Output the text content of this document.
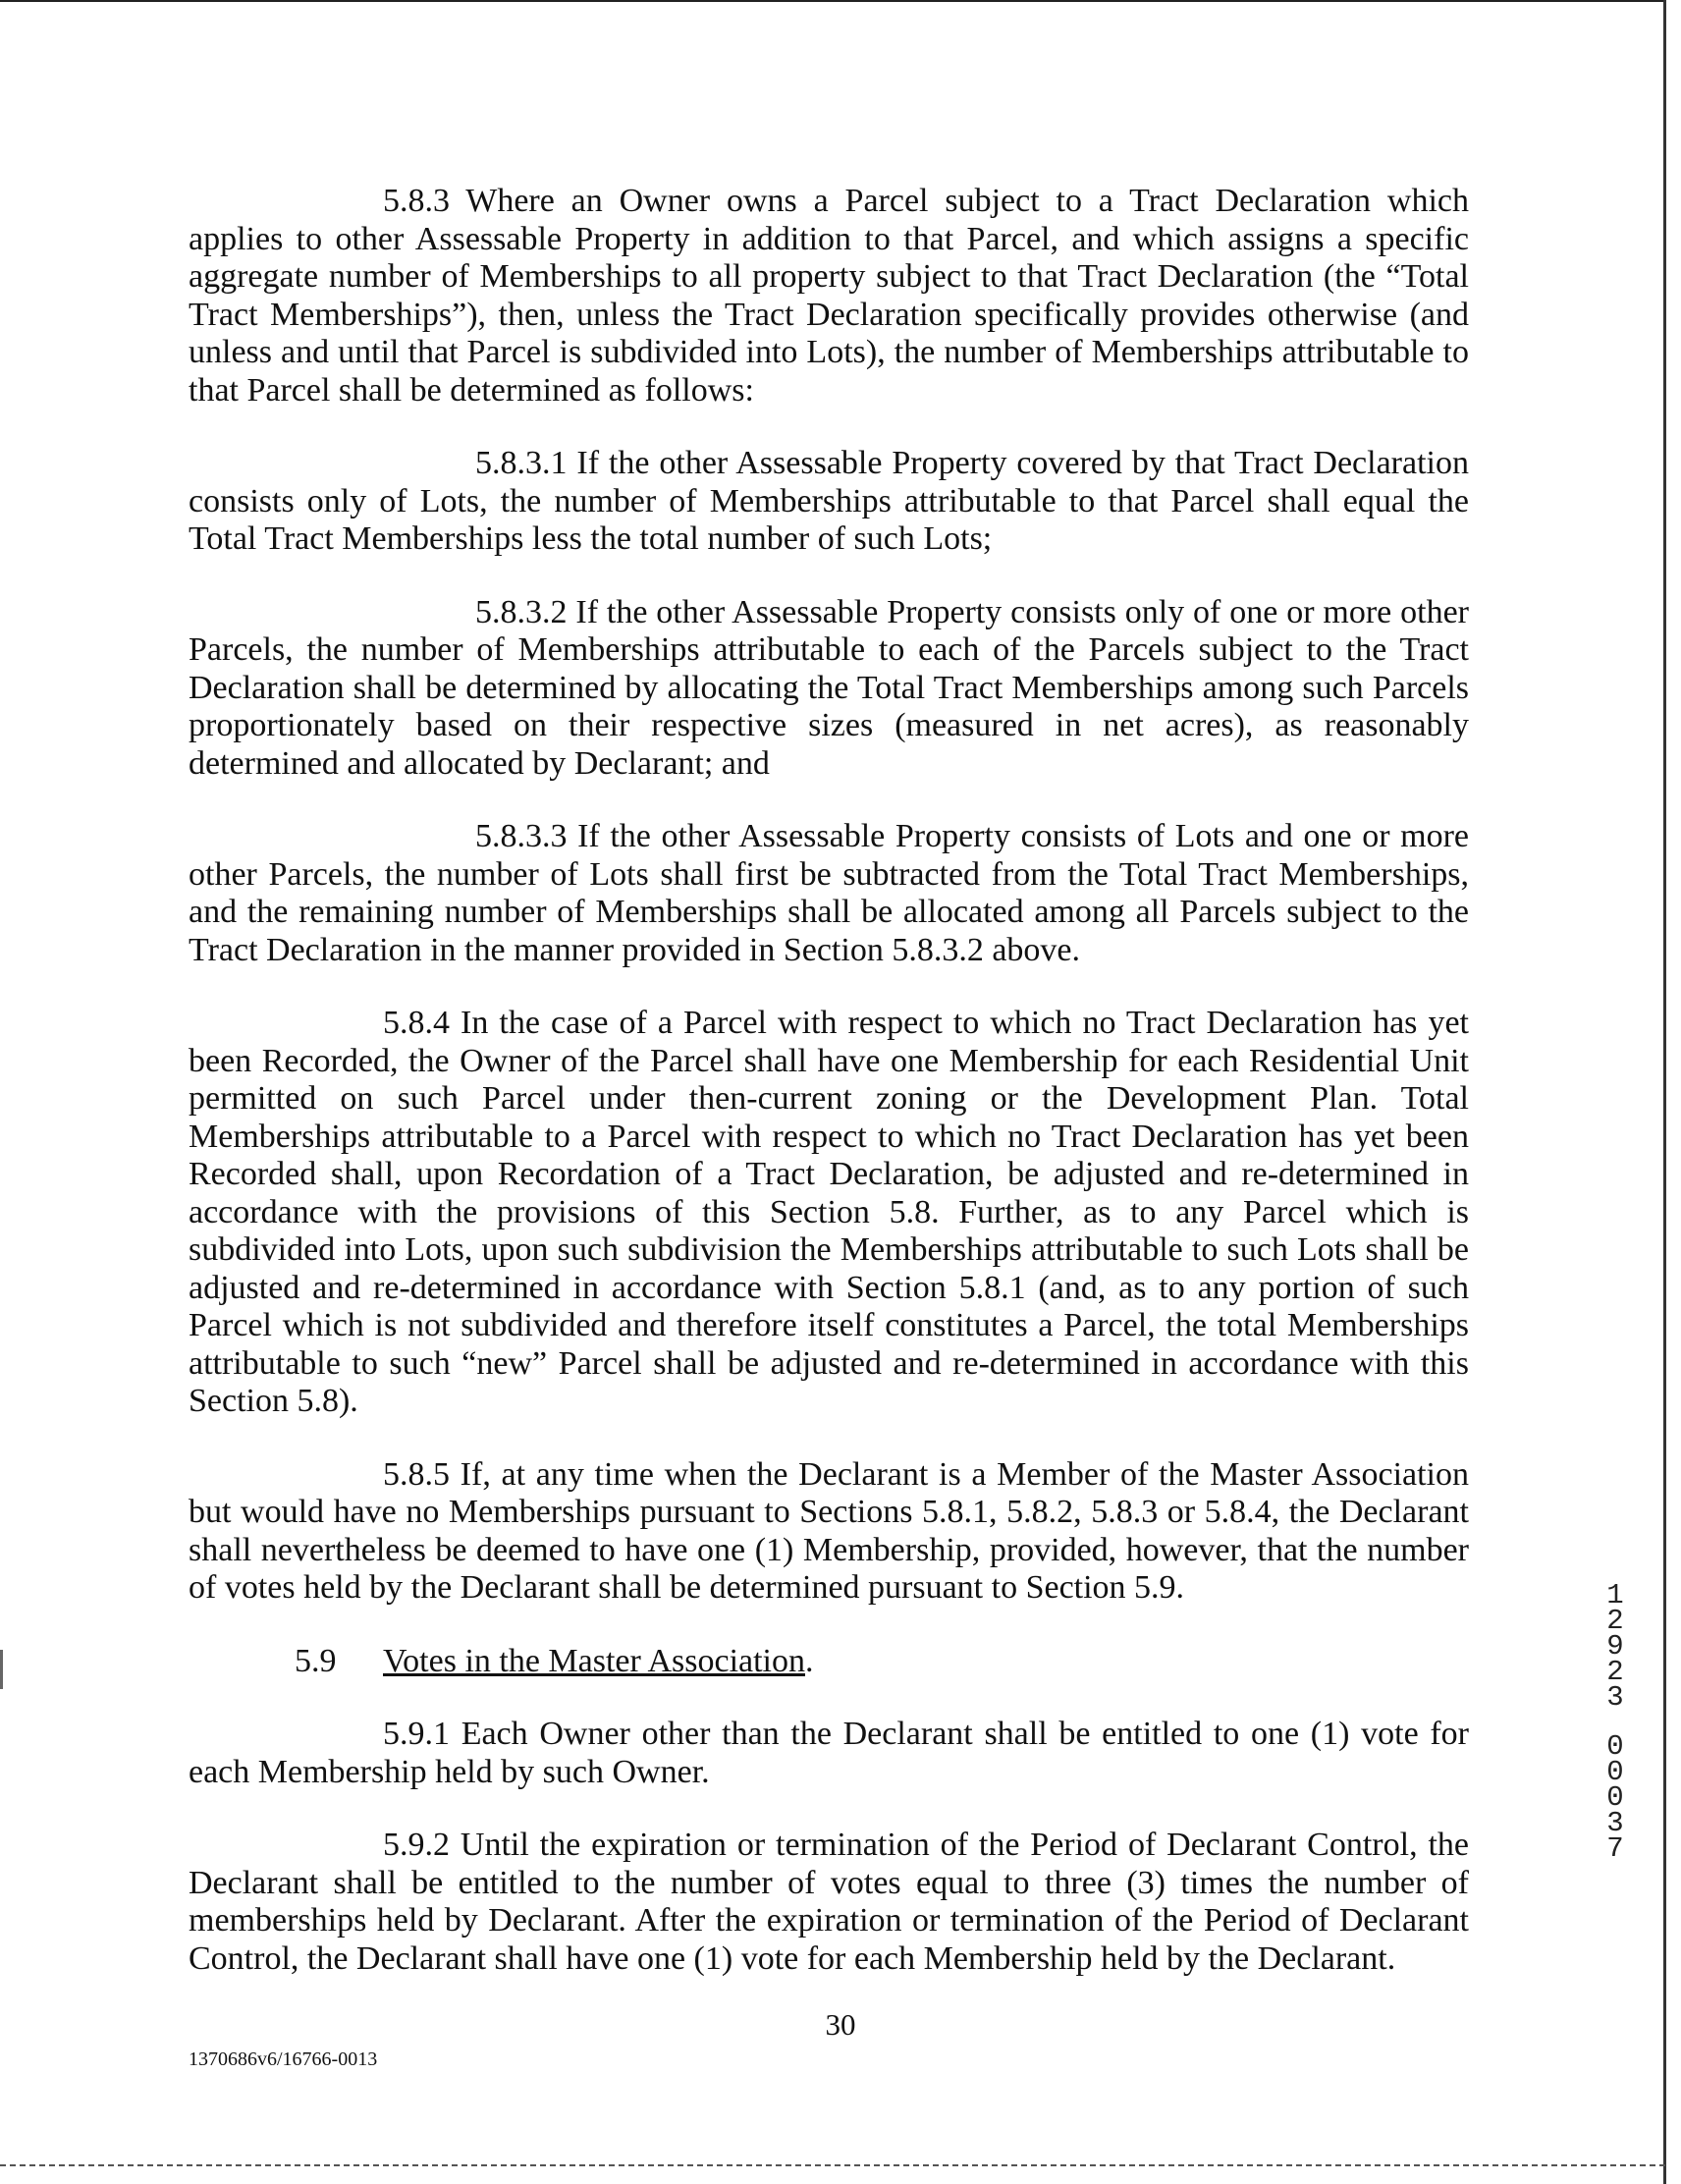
5.8.3 Where an Owner owns a Parcel subject to a Tract Declaration which applies to other Assessable Property in addition to that Parcel, and which assigns a specific aggregate number of Memberships to all property subject to that Tract Declaration (the “Total Tract Memberships”), then, unless the Tract Declaration specifically provides otherwise (and unless and until that Parcel is subdivided into Lots), the number of Memberships attributable to that Parcel shall be determined as follows:

5.8.3.1 If the other Assessable Property covered by that Tract Declaration consists only of Lots, the number of Memberships attributable to that Parcel shall equal the Total Tract Memberships less the total number of such Lots;

5.8.3.2 If the other Assessable Property consists only of one or more other Parcels, the number of Memberships attributable to each of the Parcels subject to the Tract Declaration shall be determined by allocating the Total Tract Memberships among such Parcels proportionately based on their respective sizes (measured in net acres), as reasonably determined and allocated by Declarant; and

5.8.3.3 If the other Assessable Property consists of Lots and one or more other Parcels, the number of Lots shall first be subtracted from the Total Tract Memberships, and the remaining number of Memberships shall be allocated among all Parcels subject to the Tract Declaration in the manner provided in Section 5.8.3.2 above.

5.8.4 In the case of a Parcel with respect to which no Tract Declaration has yet been Recorded, the Owner of the Parcel shall have one Membership for each Residential Unit permitted on such Parcel under then-current zoning or the Development Plan. Total Memberships attributable to a Parcel with respect to which no Tract Declaration has yet been Recorded shall, upon Recordation of a Tract Declaration, be adjusted and re-determined in accordance with the provisions of this Section 5.8. Further, as to any Parcel which is subdivided into Lots, upon such subdivision the Memberships attributable to such Lots shall be adjusted and re-determined in accordance with Section 5.8.1 (and, as to any portion of such Parcel which is not subdivided and therefore itself constitutes a Parcel, the total Memberships attributable to such “new” Parcel shall be adjusted and re-determined in accordance with this Section 5.8).

5.8.5 If, at any time when the Declarant is a Member of the Master Association but would have no Memberships pursuant to Sections 5.8.1, 5.8.2, 5.8.3 or 5.8.4, the Declarant shall nevertheless be deemed to have one (1) Membership, provided, however, that the number of votes held by the Declarant shall be determined pursuant to Section 5.9.

5.9 Votes in the Master Association.

5.9.1 Each Owner other than the Declarant shall be entitled to one (1) vote for each Membership held by such Owner.

5.9.2 Until the expiration or termination of the Period of Declarant Control, the Declarant shall be entitled to the number of votes equal to three (3) times the number of memberships held by Declarant. After the expiration or termination of the Period of Declarant Control, the Declarant shall have one (1) vote for each Membership held by the Declarant.

30
1370686v6/16766-0013
1
2
9
2
3
0
0
0
3
7
